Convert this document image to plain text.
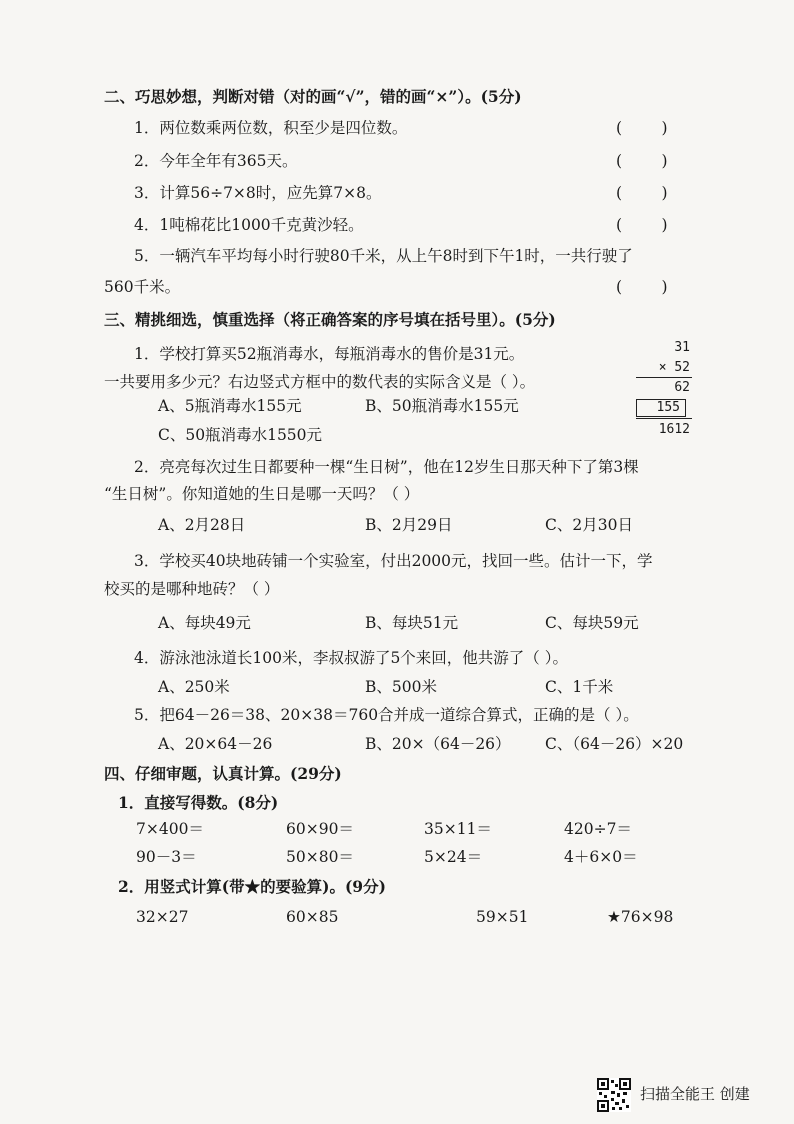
二、巧思妙想，判断对错（对的画“√”，错的画“×”）。(5分)
1．两位数乘两位数，积至少是四位数。	(        )
2．今年全年有365天。	(        )
3．计算56÷7×8时，应先算7×8。	(        )
4．1吨棉花比1000千克黄沙轻。	(        )
5．一辆汽车平均每小时行驶80千米，从上午8时到下午1时，一共行驶了
560千米。	(        )
三、精挑细选，慎重选择（将正确答案的序号填在括号里）。(5分)
1．学校打算买52瓶消毒水，每瓶消毒水的售价是31元。
一共要用多少元？右边竖式方框中的数代表的实际含义是（ ）。
A、5瓶消毒水155元	B、50瓶消毒水155元
C、50瓶消毒水1550元
31
× 52
62
155
1612
2．亮亮每次过生日都要种一棵“生日树”，他在12岁生日那天种下了第3棵
“生日树”。你知道她的生日是哪一天吗？（ ）
A、2月28日	B、2月29日	C、2月30日
3．学校买40块地砖铺一个实验室，付出2000元，找回一些。估计一下，学
校买的是哪种地砖？（ ）
A、每块49元	B、每块51元	C、每块59元
4．游泳池泳道长100米，李叔叔游了5个来回，他共游了（ ）。
A、250米	B、500米	C、1千米
5．把64－26＝38、20×38＝760合并成一道综合算式，正确的是（ ）。
A、20×64－26	B、20×（64－26） C、（64－26）×20
四、仔细审题，认真计算。(29分)
1．直接写得数。(8分)
7×400＝	60×90＝	35×11＝	420÷7＝
90－3＝	50×80＝	5×24＝	4＋6×0＝
2．用竖式计算(带★的要验算)。(9分)
32×27	60×85	59×51	★76×98
扫描全能王 创建
